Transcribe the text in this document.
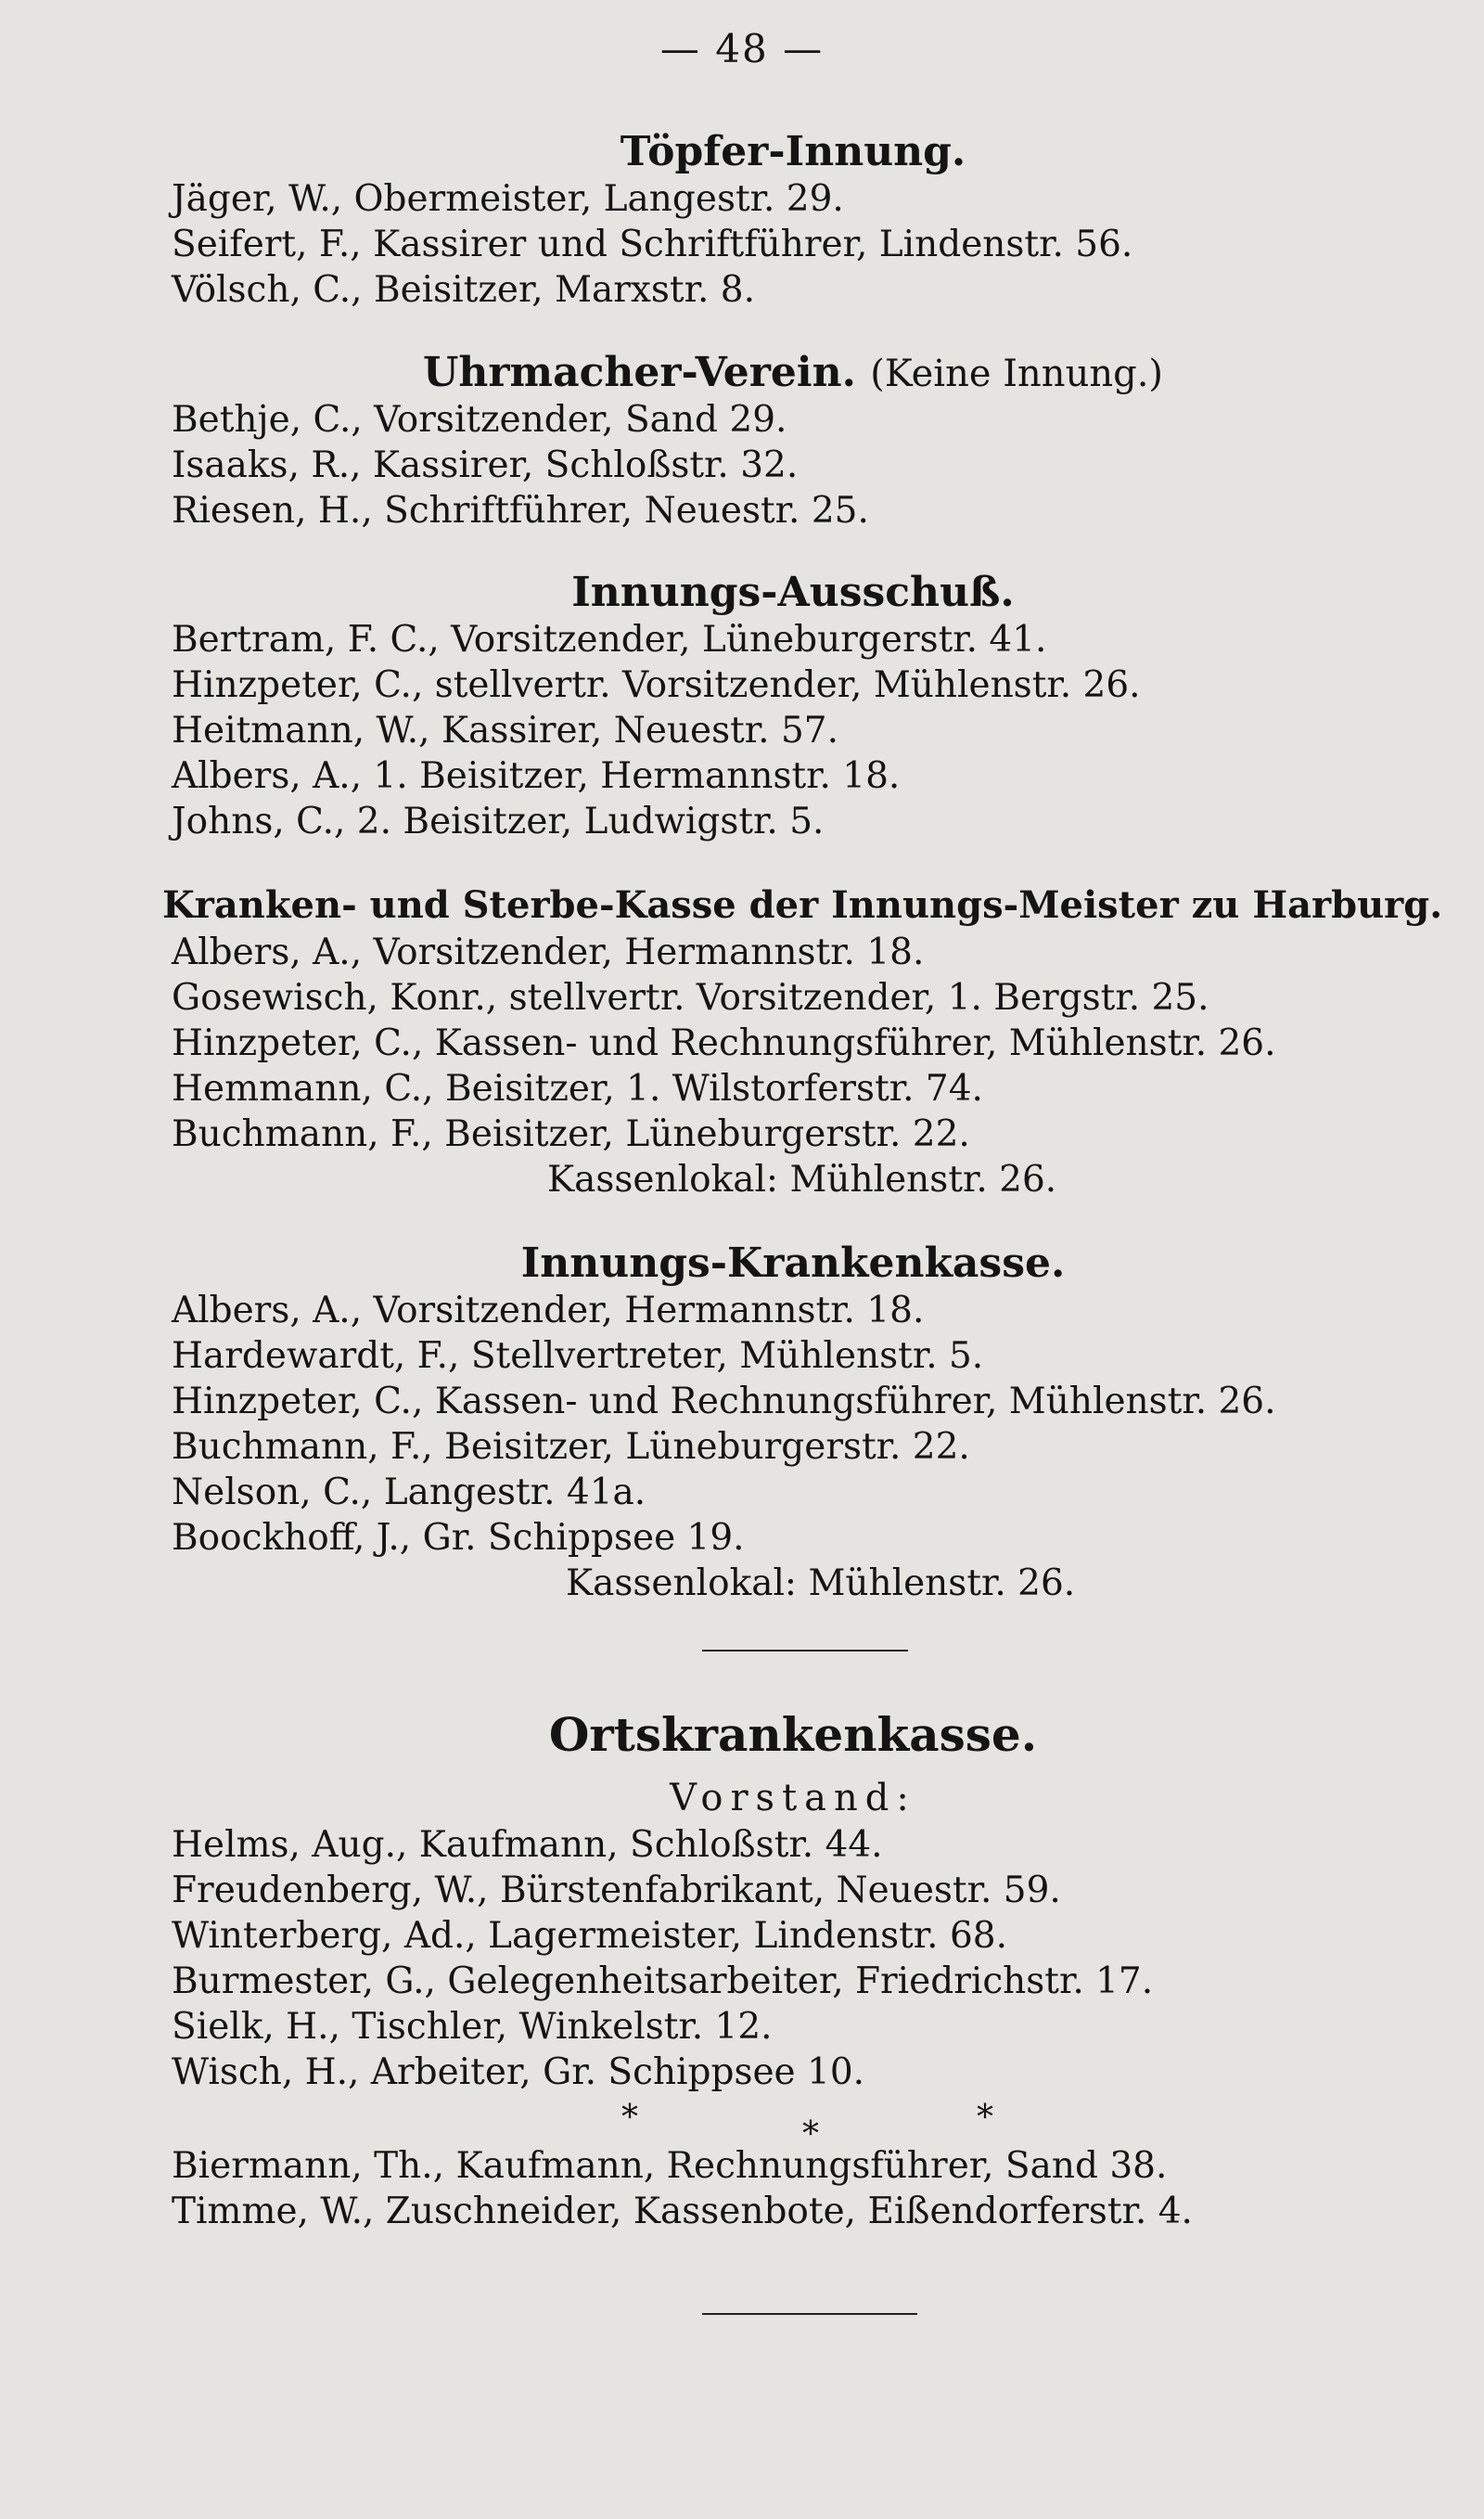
— 48 —
Töpfer-Innung.
Jäger, W., Obermeister, Langestr. 29.
Seifert, F., Kassirer und Schriftführer, Lindenstr. 56.
Völsch, C., Beisitzer, Marxstr. 8.
Uhrmacher-Verein. (Keine Innung.)
Bethje, C., Vorsitzender, Sand 29.
Isaaks, R., Kassirer, Schloßstr. 32.
Riesen, H., Schriftführer, Neuestr. 25.
Innungs-Ausschuß.
Bertram, F. C., Vorsitzender, Lüneburgerstr. 41.
Hinzpeter, C., stellvertr. Vorsitzender, Mühlenstr. 26.
Heitmann, W., Kassirer, Neuestr. 57.
Albers, A., 1. Beisitzer, Hermannstr. 18.
Johns, C., 2. Beisitzer, Ludwigstr. 5.
Kranken- und Sterbe-Kasse der Innungs-Meister zu Harburg.
Albers, A., Vorsitzender, Hermannstr. 18.
Gosewisch, Konr., stellvertr. Vorsitzender, 1. Bergstr. 25.
Hinzpeter, C., Kassen- und Rechnungsführer, Mühlenstr. 26.
Hemmann, C., Beisitzer, 1. Wilstorferstr. 74.
Buchmann, F., Beisitzer, Lüneburgerstr. 22.
Kassenlokal: Mühlenstr. 26.
Innungs-Krankenkasse.
Albers, A., Vorsitzender, Hermannstr. 18.
Hardewardt, F., Stellvertreter, Mühlenstr. 5.
Hinzpeter, C., Kassen- und Rechnungsführer, Mühlenstr. 26.
Buchmann, F., Beisitzer, Lüneburgerstr. 22.
Nelson, C., Langestr. 41a.
Boockhoff, J., Gr. Schippsee 19.
Kassenlokal: Mühlenstr. 26.
Ortskrankenkasse.
Vorstand:
Helms, Aug., Kaufmann, Schloßstr. 44.
Freudenberg, W., Bürstenfabrikant, Neuestr. 59.
Winterberg, Ad., Lagermeister, Lindenstr. 68.
Burmester, G., Gelegenheitsarbeiter, Friedrichstr. 17.
Sielk, H., Tischler, Winkelstr. 12.
Wisch, H., Arbeiter, Gr. Schippsee 10.
*	*	*
Biermann, Th., Kaufmann, Rechnungsführer, Sand 38.
Timme, W., Zuschneider, Kassenbote, Eißendorferstr. 4.
